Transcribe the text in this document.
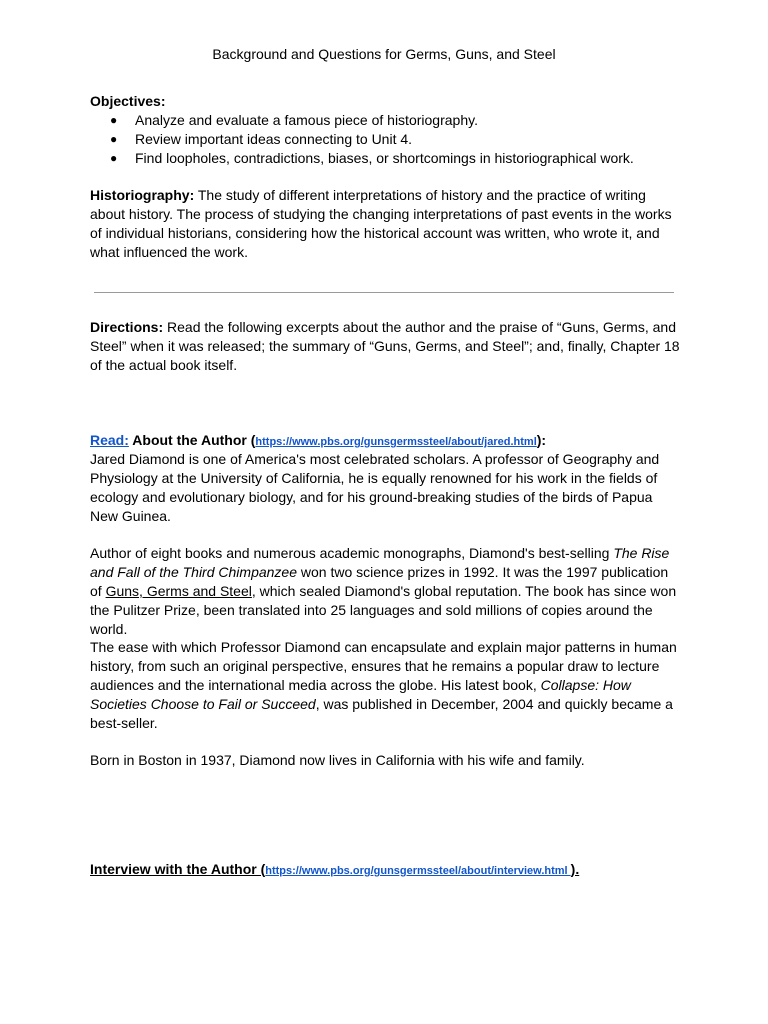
Background and Questions for Germs, Guns, and Steel
Objectives:
● Analyze and evaluate a famous piece of historiography.
● Review important ideas connecting to Unit 4.
● Find loopholes, contradictions, biases, or shortcomings in historiographical work.
Historiography: The study of different interpretations of history and the practice of writing about history. The process of studying the changing interpretations of past events in the works of individual historians, considering how the historical account was written, who wrote it, and what influenced the work.
Directions: Read the following excerpts about the author and the praise of “Guns, Germs, and Steel” when it was released; the summary of “Guns, Germs, and Steel”; and, finally, Chapter 18 of the actual book itself.
Read: About the Author (https://www.pbs.org/gunsgermssteel/about/jared.html):
Jared Diamond is one of America's most celebrated scholars. A professor of Geography and Physiology at the University of California, he is equally renowned for his work in the fields of ecology and evolutionary biology, and for his ground-breaking studies of the birds of Papua New Guinea.
Author of eight books and numerous academic monographs, Diamond's best-selling The Rise and Fall of the Third Chimpanzee won two science prizes in 1992. It was the 1997 publication of Guns, Germs and Steel, which sealed Diamond's global reputation. The book has since won the Pulitzer Prize, been translated into 25 languages and sold millions of copies around the world.
The ease with which Professor Diamond can encapsulate and explain major patterns in human history, from such an original perspective, ensures that he remains a popular draw to lecture audiences and the international media across the globe. His latest book, Collapse: How Societies Choose to Fail or Succeed, was published in December, 2004 and quickly became a best-seller.
Born in Boston in 1937, Diamond now lives in California with his wife and family.
Interview with the Author (https://www.pbs.org/gunsgermssteel/about/interview.html ).
